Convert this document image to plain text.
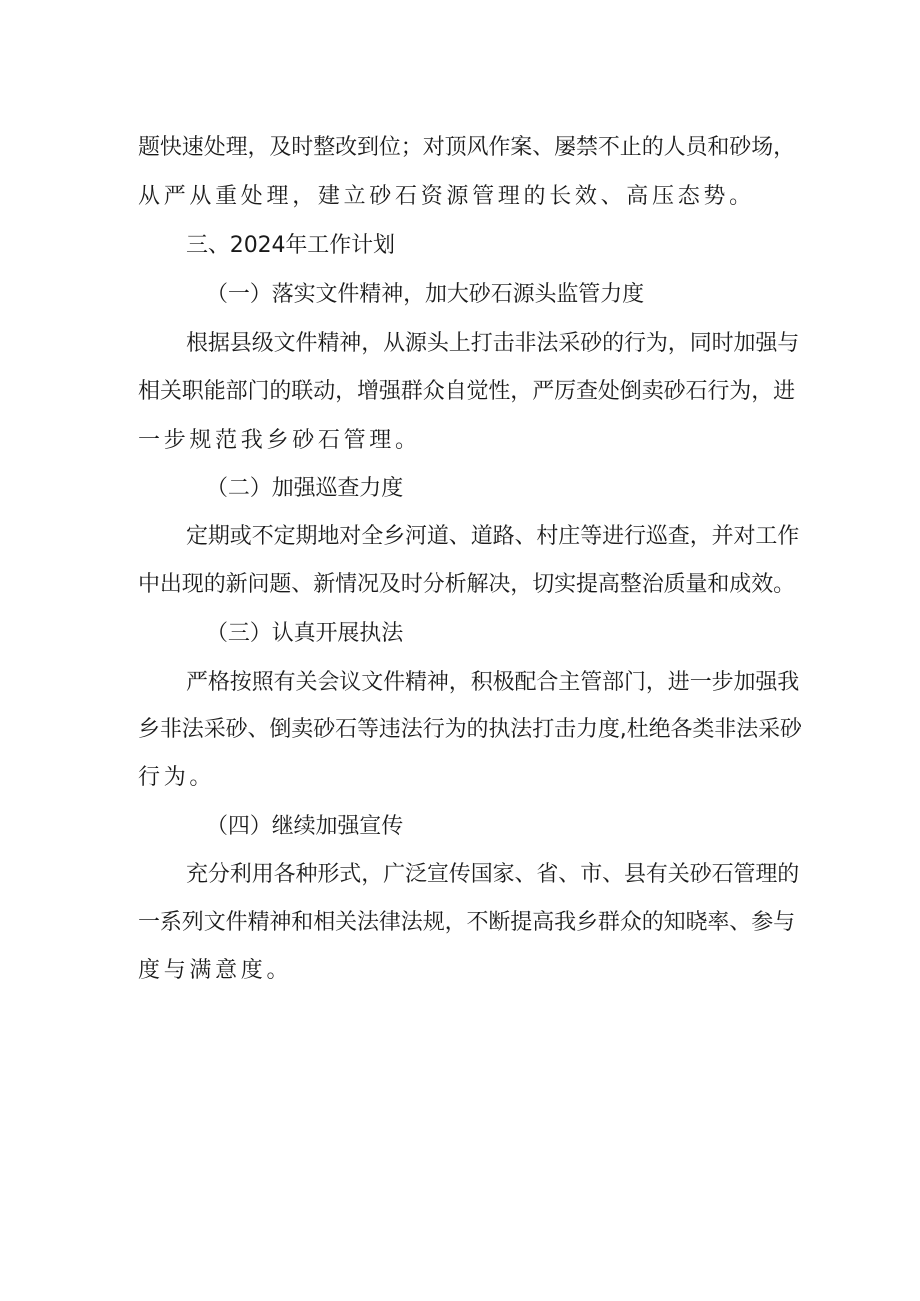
题快速处理，及时整改到位；对顶风作案、屡禁不止的人员和砂场，
从严从重处理，建立砂石资源管理的长效、高压态势。
三、2024年工作计划
（一）落实文件精神，加大砂石源头监管力度
根据县级文件精神，从源头上打击非法采砂的行为，同时加强与
相关职能部门的联动，增强群众自觉性，严厉查处倒卖砂石行为，进
一步规范我乡砂石管理。
（二）加强巡查力度
定期或不定期地对全乡河道、道路、村庄等进行巡查，并对工作
中出现的新问题、新情况及时分析解决，切实提高整治质量和成效。
（三）认真开展执法
严格按照有关会议文件精神，积极配合主管部门，进一步加强我
乡非法采砂、倒卖砂石等违法行为的执法打击力度,杜绝各类非法采砂
行为。
（四）继续加强宣传
充分利用各种形式，广泛宣传国家、省、市、县有关砂石管理的
一系列文件精神和相关法律法规，不断提高我乡群众的知晓率、参与
度与满意度。
